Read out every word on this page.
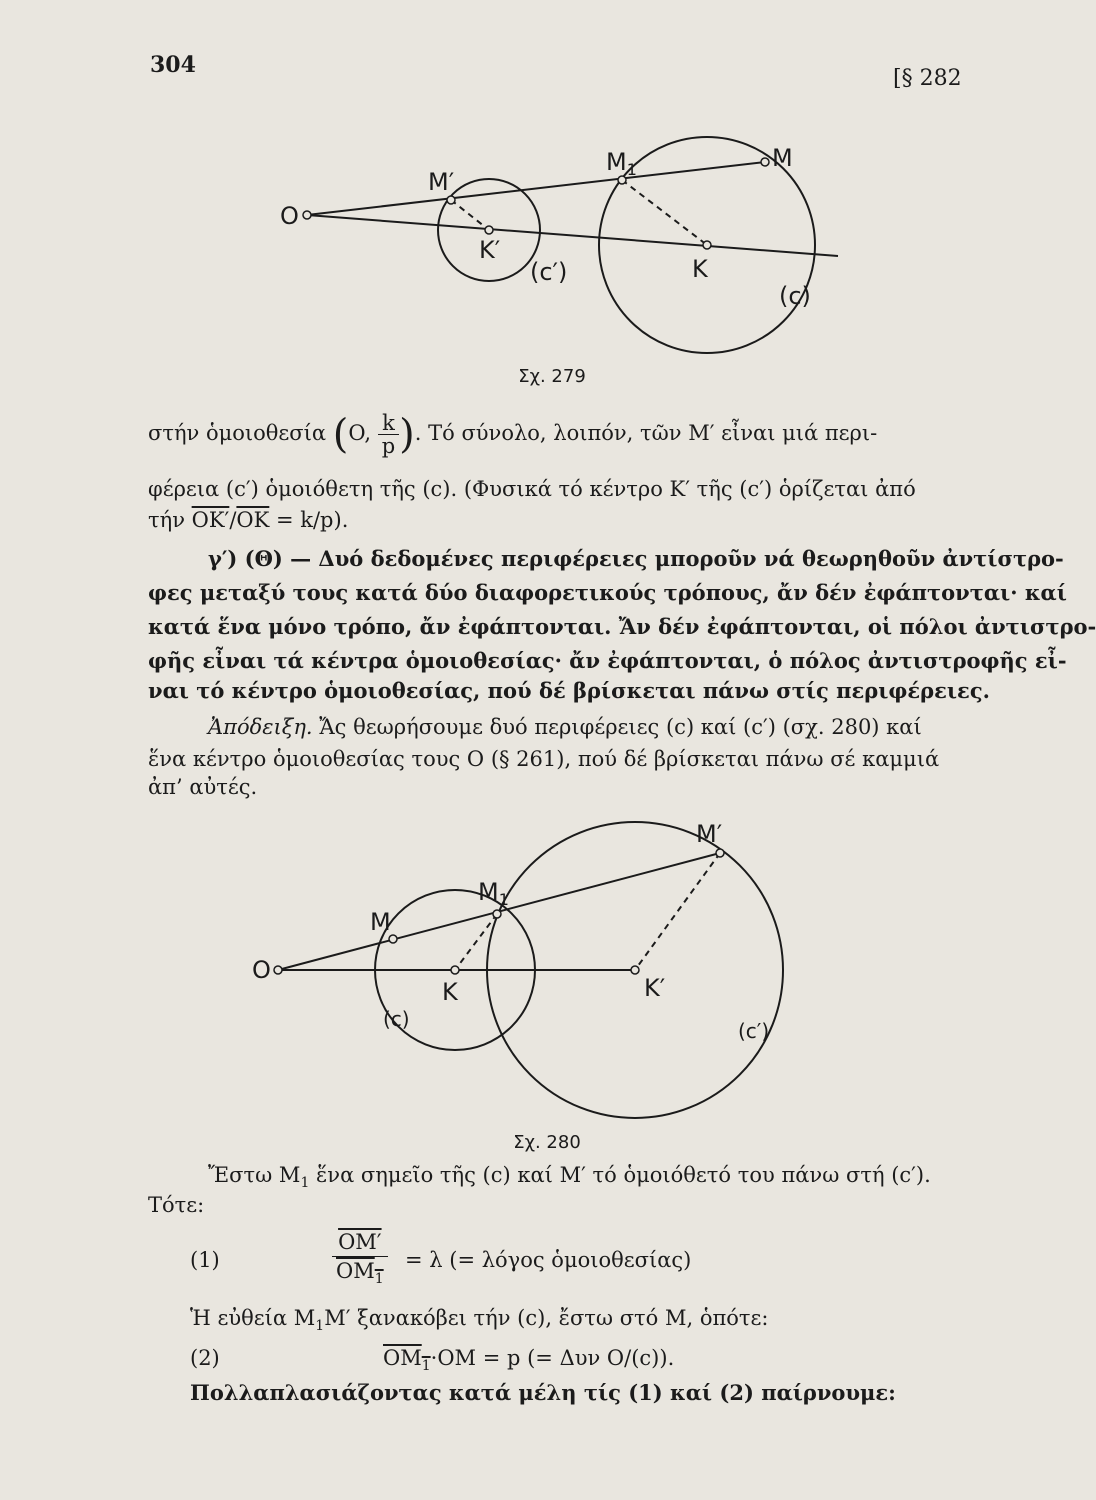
304
[§ 282
O
M′
K′
(c′)
$M_1$	M
K
(c)
Σχ. 279
στήν ὁμοιοθεσία (O, $\frac{k}{p}$ ). Τό σύνολο, λοιπόν, τῶν M′ εἶναι μιά περι-
φέρεια (c′) ὁμοιόθετη τῆς (c). (Φυσικά τό κέντρο K′ τῆς (c′) ὁρίζεται ἀπό
τήν $OK'/\overline{OK} = k/p$).
γ′) (Θ) — Δυό δεδομένες περιφέρειες μποροῦν νά θεωρηθοῦν ἀντίστρο-
φες μεταξύ τους κατά δύο διαφορετικούς τρόπους, ἄν δέν ἐφάπτονται· καί
κατά ἕνα μόνο τρόπο, ἄν ἐφάπτονται. Ἄν δέν ἐφάπτονται, οἱ πόλοι ἀντιστρο-
φῆς εἶναι τά κέντρα ὁμοιοθεσίας· ἄν ἐφάπτονται, ὁ πόλος ἀντιστροφῆς εἶ-
ναι τό κέντρο ὁμοιοθεσίας, πού δέ βρίσκεται πάνω στίς περιφέρειες.
Ἀπόδειξη. Ἄς θεωρήσουμε δυό περιφέρειες (c) καί (c′) (σχ. 280) καί
ἕνα κέντρο ὁμοιοθεσίας τους O (§ 261), πού δέ βρίσκεται πάνω σέ καμμιά
ἀπ’ αὐτές.
O
M
$M_1$
M′
K	K′
(c)	(c′)
Σχ. 280
Ἔστω $M_1$ ἕνα σημεῖο τῆς (c) καί M′ τό ὁμοιόθετό του πάνω στή (c′).
Τότε:
(1)
OM′
$OM_1$
= λ (= λόγος ὁμοιοθεσίας)
Ἡ εὐθεία $M_1M'$ ξανακόβει τήν (c), ἔστω στό M, ὁπότε:
(2)	$OM_1\cdot OM = p$ (= Δυν O/(c)).
Πολλαπλασιάζοντας κατά μέλη τίς (1) καί (2) παίρνουμε:
